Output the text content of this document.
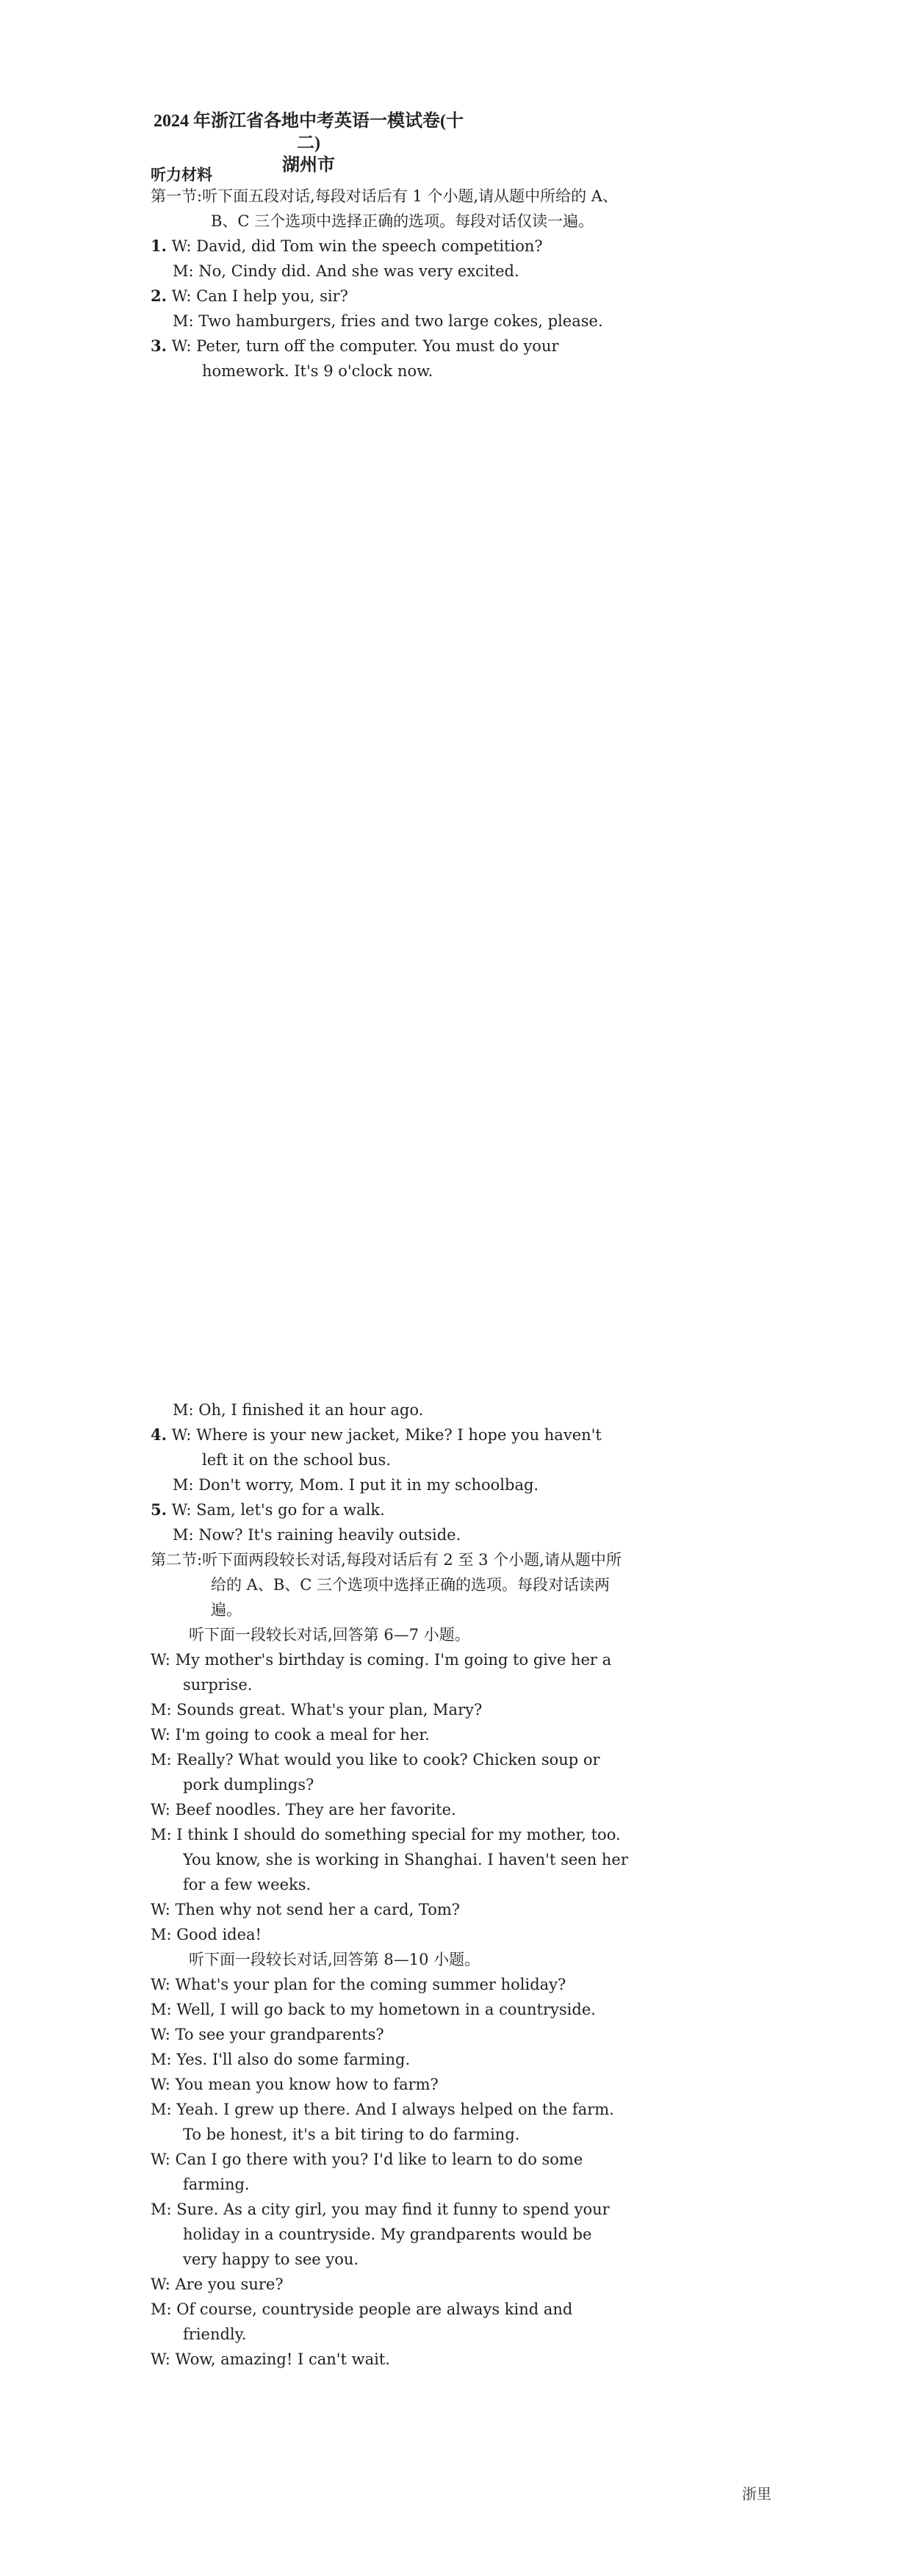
2024 年浙江省各地中考英语一模试卷(十二)

湖州市

听力材料

第一节:听下面五段对话,每段对话后有 1 个小题,请从题中所给的 A、B、C 三个选项中选择正确的选项。每段对话仅读一遍。
1. W: David, did Tom win the speech competition?
M: No, Cindy did. And she was very excited.
2. W: Can I help you, sir?
M: Two hamburgers, fries and two large cokes, please.
3. W: Peter, turn off the computer. You must do your homework. It's 9 o'clock now.
M: Oh, I finished it an hour ago.
4. W: Where is your new jacket, Mike? I hope you haven't left it on the school bus.
M: Don't worry, Mom. I put it in my schoolbag.
5. W: Sam, let's go for a walk.
M: Now? It's raining heavily outside.
第二节:听下面两段较长对话,每段对话后有 2 至 3 个小题,请从题中所给的 A、B、C 三个选项中选择正确的选项。每段对话读两遍。
听下面一段较长对话,回答第 6—7 小题。
W: My mother's birthday is coming. I'm going to give her a surprise.
M: Sounds great. What's your plan, Mary?
W: I'm going to cook a meal for her.
M: Really? What would you like to cook? Chicken soup or pork dumplings?
W: Beef noodles. They are her favorite.
M: I think I should do something special for my mother, too. You know, she is working in Shanghai. I haven't seen her for a few weeks.
W: Then why not send her a card, Tom?
M: Good idea!
听下面一段较长对话,回答第 8—10 小题。
W: What's your plan for the coming summer holiday?
M: Well, I will go back to my hometown in a countryside.
W: To see your grandparents?
M: Yes. I'll also do some farming.
W: You mean you know how to farm?
M: Yeah. I grew up there. And I always helped on the farm. To be honest, it's a bit tiring to do farming.
W: Can I go there with you? I'd like to learn to do some farming.
M: Sure. As a city girl, you may find it funny to spend your holiday in a countryside. My grandparents would be very happy to see you.
W: Are you sure?
M: Of course, countryside people are always kind and friendly.
W: Wow, amazing! I can't wait.
浙里
